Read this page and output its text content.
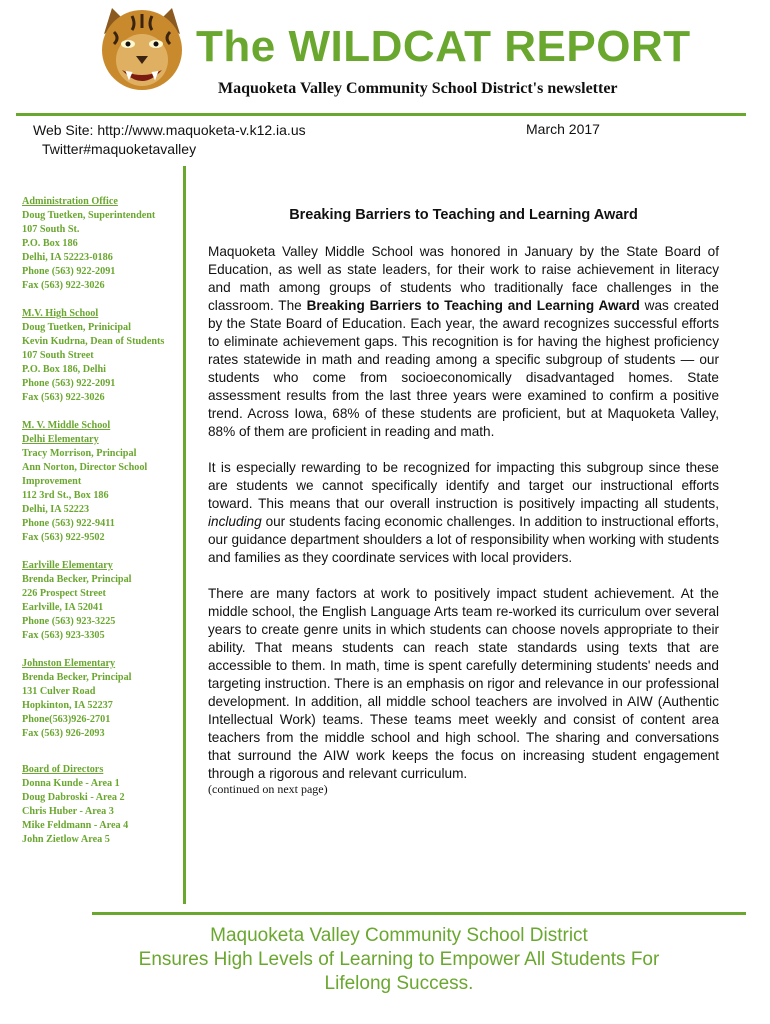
The WILDCAT REPORT
Maquoketa Valley Community School District's newsletter
Web Site: http://www.maquoketa-v.k12.ia.us
Twitter#maquoketavalley
March 2017
Administration Office
Doug Tuetken, Superintendent
107 South St.
P.O. Box 186
Delhi, IA 52223-0186
Phone (563) 922-2091
Fax (563) 922-3026
M.V. High School
Doug Tuetken, Prinicipal
Kevin Kudrna, Dean of Students
107 South Street
P.O. Box 186, Delhi
Phone (563) 922-2091
Fax (563) 922-3026
M. V. Middle School
Delhi Elementary
Tracy Morrison, Principal
Ann Norton, Director School
Improvement
112 3rd St., Box 186
Delhi, IA 52223
Phone (563) 922-9411
Fax (563) 922-9502
Earlville Elementary
Brenda Becker, Principal
226 Prospect Street
Earlville, IA 52041
Phone (563) 923-3225
Fax (563) 923-3305
Johnston Elementary
Brenda Becker, Principal
131 Culver Road
Hopkinton, IA 52237
Phone(563)926-2701
Fax (563) 926-2093
Board of Directors
Donna Kunde - Area 1
Doug Dabroski - Area 2
Chris Huber - Area 3
Mike Feldmann - Area 4
John Zietlow Area 5
Breaking Barriers to Teaching and Learning Award

Maquoketa Valley Middle School was honored in January by the State Board of Education, as well as state leaders, for their work to raise achievement in literacy and math among groups of students who traditionally face challenges in the classroom. The Breaking Barriers to Teaching and Learning Award was created by the State Board of Education. Each year, the award recognizes successful efforts to eliminate achievement gaps. This recognition is for having the highest proficiency rates statewide in math and reading among a specific subgroup of students — our students who come from socioeconomically disadvantaged homes. State assessment results from the last three years were examined to confirm a positive trend. Across Iowa, 68% of these students are proficient, but at Maquoketa Valley, 88% of them are proficient in reading and math.

It is especially rewarding to be recognized for impacting this subgroup since these are students we cannot specifically identify and target our instructional efforts toward. This means that our overall instruction is positively impacting all students, including our students facing economic challenges. In addition to instructional efforts, our guidance department shoulders a lot of responsibility when working with students and families as they coordinate services with local providers.

There are many factors at work to positively impact student achievement. At the middle school, the English Language Arts team re-worked its curriculum over several years to create genre units in which students can choose novels appropriate to their ability. That means students can reach state standards using texts that are accessible to them. In math, time is spent carefully determining students' needs and targeting instruction. There is an emphasis on rigor and relevance in our professional development. In addition, all middle school teachers are involved in AIW (Authentic Intellectual Work) teams. These teams meet weekly and consist of content area teachers from the middle school and high school. The sharing and conversations that surround the AIW work keeps the focus on increasing student engagement through a rigorous and relevant curriculum.

(continued on next page)
Maquoketa Valley Community School District
Ensures High Levels of Learning to Empower All Students For
Lifelong Success.
